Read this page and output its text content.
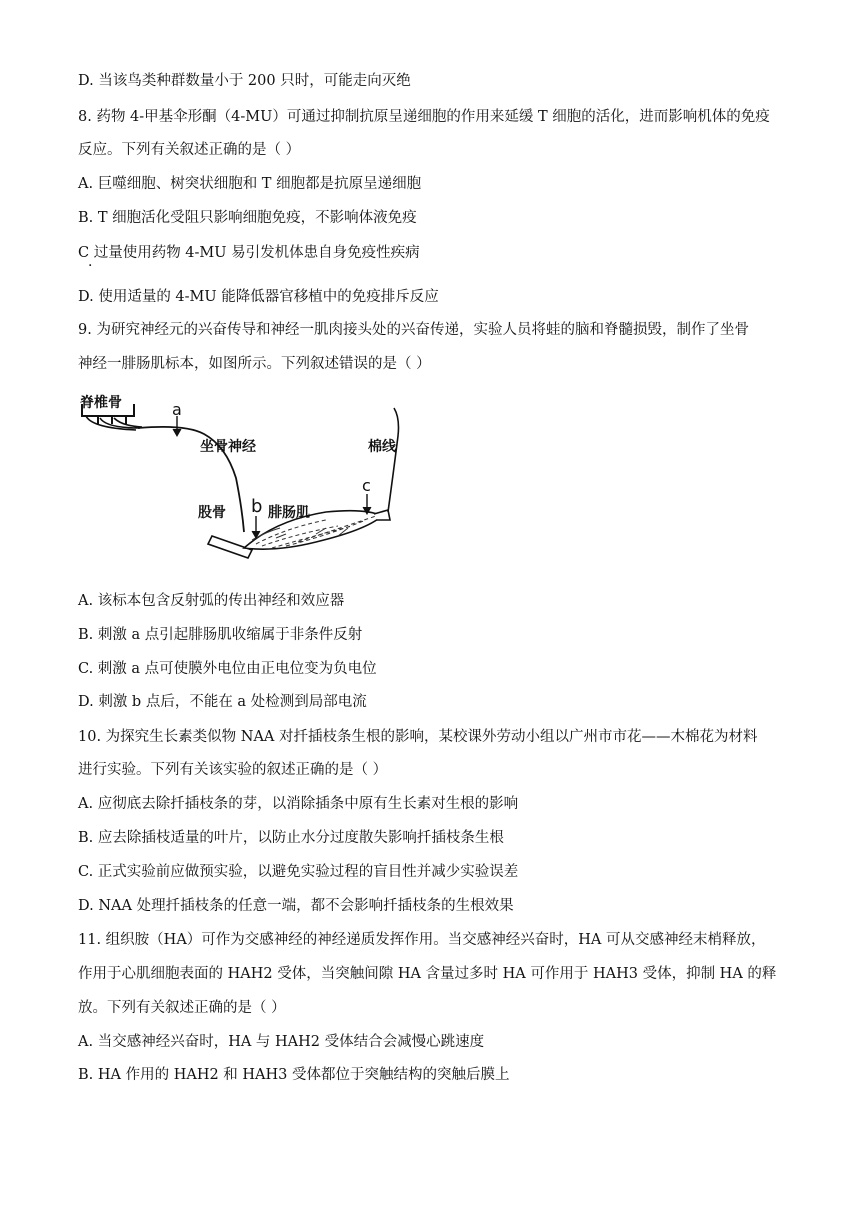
D. 当该鸟类种群数量小于 200 只时，可能走向灭绝
8. 药物 4-甲基伞形酮（4-MU）可通过抑制抗原呈递细胞的作用来延缓 T 细胞的活化，进而影响机体的免疫
反应。下列有关叙述正确的是（ ）
A. 巨噬细胞、树突状细胞和 T 细胞都是抗原呈递细胞
B. T 细胞活化受阻只影响细胞免疫，不影响体液免疫
C 过量使用药物 4-MU 易引发机体患自身免疫性疾病
·
D. 使用适量的 4-MU 能降低器官移植中的免疫排斥反应
9. 为研究神经元的兴奋传导和神经一肌肉接头处的兴奋传递，实验人员将蛙的脑和脊髓损毁，制作了坐骨
神经一腓肠肌标本，如图所示。下列叙述错误的是（ ）
脊椎骨	a
坐骨神经	棉线
c
股骨 b 腓肠肌
A. 该标本包含反射弧的传出神经和效应器
B. 刺激 a 点引起腓肠肌收缩属于非条件反射
C. 刺激 a 点可使膜外电位由正电位变为负电位
D. 刺激 b 点后，不能在 a 处检测到局部电流
10. 为探究生长素类似物 NAA 对扦插枝条生根的影响，某校课外劳动小组以广州市市花——木棉花为材料
进行实验。下列有关该实验的叙述正确的是（ ）
A. 应彻底去除扦插枝条的芽，以消除插条中原有生长素对生根的影响
B. 应去除插枝适量的叶片，以防止水分过度散失影响扦插枝条生根
C. 正式实验前应做预实验，以避免实验过程的盲目性并减少实验误差
D. NAA 处理扦插枝条的任意一端，都不会影响扦插枝条的生根效果
11. 组织胺（HA）可作为交感神经的神经递质发挥作用。当交感神经兴奋时，HA 可从交感神经末梢释放，
作用于心肌细胞表面的 HAH2 受体，当突触间隙 HA 含量过多时 HA 可作用于 HAH3 受体，抑制 HA 的释
放。下列有关叙述正确的是（ ）
A. 当交感神经兴奋时，HA 与 HAH2 受体结合会减慢心跳速度
B. HA 作用的 HAH2 和 HAH3 受体都位于突触结构的突触后膜上
